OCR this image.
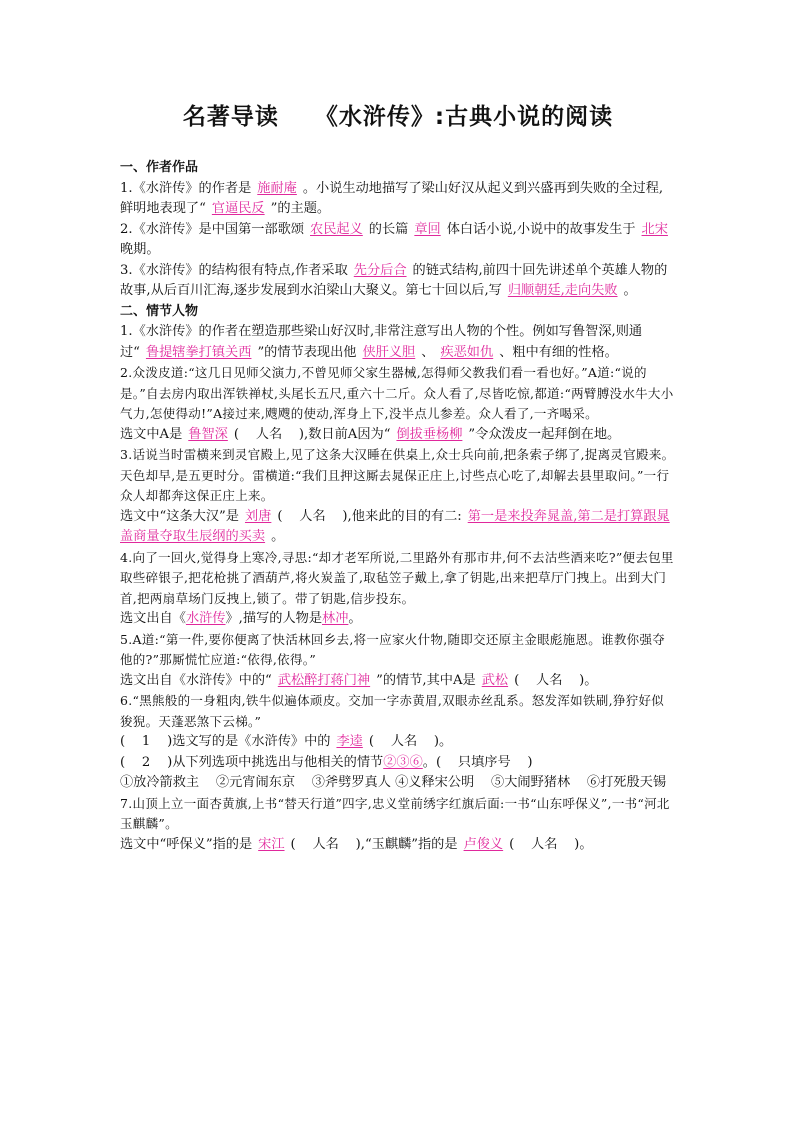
名著导读    《水浒传》:古典小说的阅读
一、作者作品
1.《水浒传》的作者是 施耐庵 。小说生动地描写了梁山好汉从起义到兴盛再到失败的全过程,鲜明地表现了“ 官逼民反 ”的主题。
2.《水浒传》是中国第一部歌颂 农民起义 的长篇 章回 体白话小说,小说中的故事发生于 北宋晚期。
3.《水浒传》的结构很有特点,作者采取 先分后合 的链式结构,前四十回先讲述单个英雄人物的故事,从后百川汇海,逐步发展到水泊梁山大聚义。第七十回以后,写 归顺朝廷,走向失败 。
二、情节人物
1.《水浒传》的作者在塑造那些梁山好汉时,非常注意写出人物的个性。例如写鲁智深,则通过“ 鲁提辖拳打镇关西 ”的情节表现出他 侠肝义胆 、 疾恶如仇 、粗中有细的性格。
2.众泼皮道:“这几日见师父演力,不曾见师父家生器械,怎得师父教我们看一看也好。”A道:“说的是。”自去房内取出浑铁禅杖,头尾长五尺,重六十二斤。众人看了,尽皆吃惊,都道:“两臂膊没水牛大小气力,怎使得动!”A接过来,飕飕的使动,浑身上下,没半点儿参差。众人看了,一齐喝采。
选文中A是 鲁智深 (    人名    ),数日前A因为“ 倒拔垂杨柳 ”令众泼皮一起拜倒在地。
3.话说当时雷横来到灵官殿上,见了这条大汉睡在供桌上,众士兵向前,把条索子绑了,捉离灵官殿来。天色却早,是五更时分。雷横道:“我们且押这厮去晁保正庄上,讨些点心吃了,却解去县里取问。”一行众人却都奔这保正庄上来。
选文中“这条大汉”是 刘唐 (    人名    ),他来此的目的有二: 第一是来投奔晁盖,第二是打算跟晁盖商量夺取生辰纲的买卖 。
4.向了一回火,觉得身上寒冷,寻思:“却才老军所说,二里路外有那市井,何不去沽些酒来吃?”便去包里取些碎银子,把花枪挑了酒葫芦,将火炭盖了,取毡笠子戴上,拿了钥匙,出来把草厅门拽上。出到大门首,把两扇草场门反拽上,锁了。带了钥匙,信步投东。
选文出自《水浒传》,描写的人物是林冲。
5.A道:“第一件,要你便离了快活林回乡去,将一应家火什物,随即交还原主金眼彪施恩。谁教你强夺他的?”那厮慌忙应道:“依得,依得。”
选文出自《水浒传》中的“ 武松醉打蒋门神 ”的情节,其中A是 武松 (    人名    )。
6.“黑熊般的一身粗肉,铁牛似遍体顽皮。交加一字赤黄眉,双眼赤丝乱系。怒发浑如铁刷,狰狞好似狻猊。天蓬恶煞下云梯。”
(    1    )选文写的是《水浒传》中的 李逵 (    人名    )。 (    2    )从下列选项中挑选出与他相关的情节②③⑥。(    只填序号    ) ①放冷箭救主    ②元宵闹东京    ③斧劈罗真人 ④义释宋公明    ⑤大闹野猪林    ⑥打死殷天锡
7.山顶上立一面杏黄旗,上书“替天行道”四字,忠义堂前绣字红旗后面:一书“山东呼保义”,一书“河北玉麒麟”。
选文中“呼保义”指的是 宋江 (    人名    ),“玉麒麟”指的是 卢俊义 (    人名    )。
